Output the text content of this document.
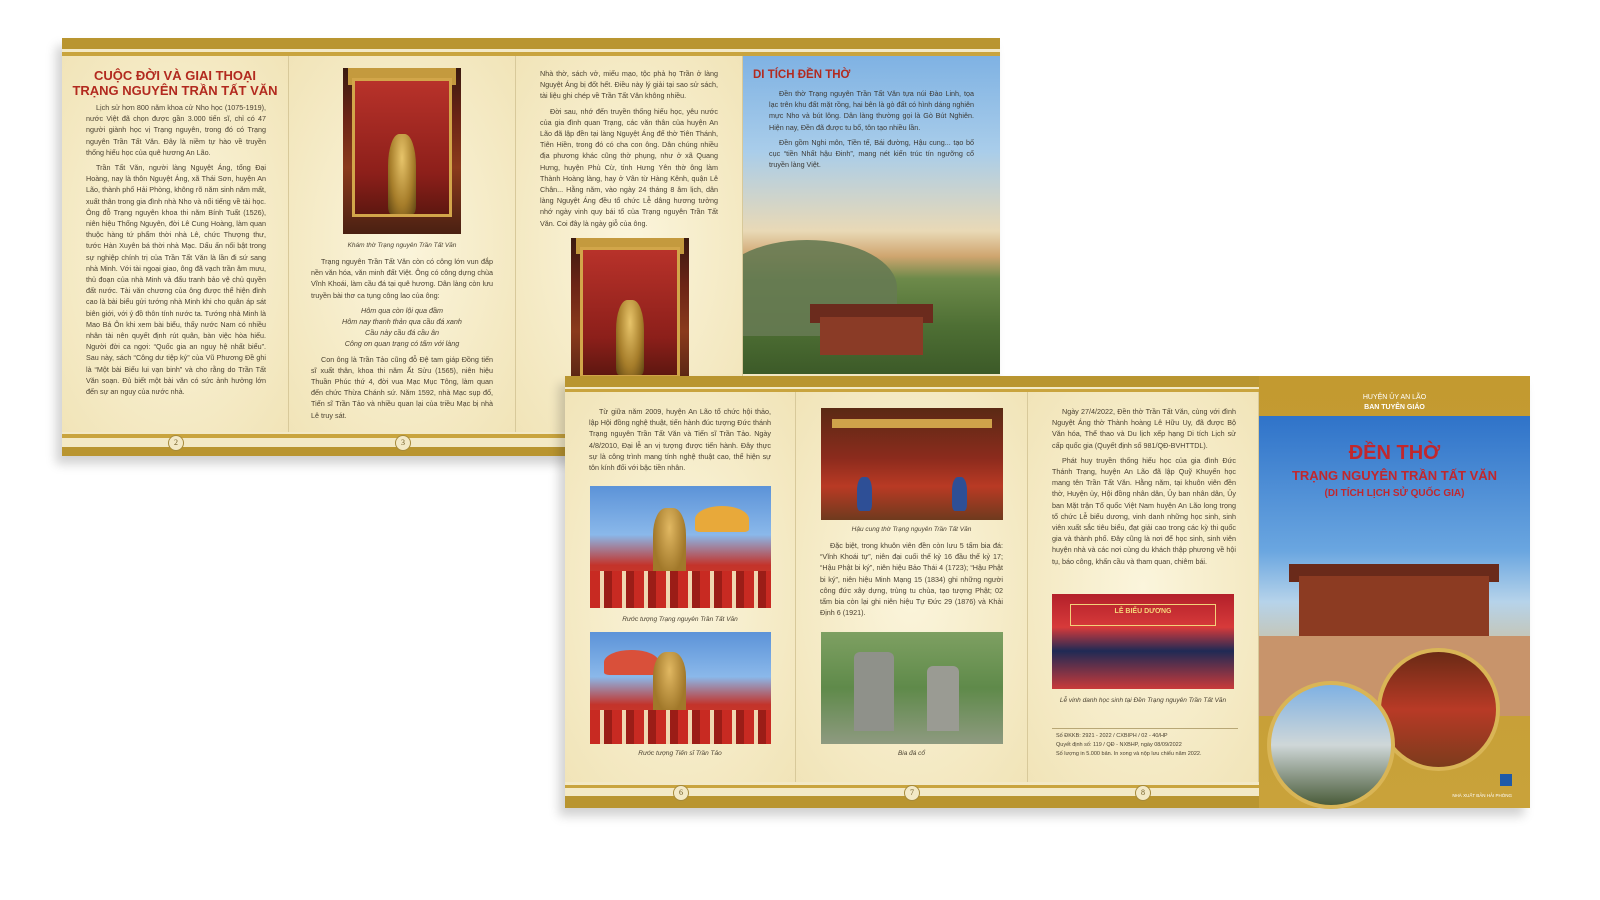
CUỘC ĐỜI VÀ GIAI THOẠI
TRẠNG NGUYÊN TRẦN TẤT VĂN

Lịch sử hơn 800 năm khoa cử Nho học (1075-1919), nước Việt đã chọn được gần 3.000 tiến sĩ, chỉ có 47 người giành học vị Trạng nguyên, trong đó có Trạng nguyên Trần Tất Văn. Đây là niềm tự hào về truyền thống hiếu học của quê hương An Lão.

Trần Tất Văn, người làng Nguyệt Áng, tổng Đại Hoàng, nay là thôn Nguyệt Áng, xã Thái Sơn, huyện An Lão, thành phố Hải Phòng, không rõ năm sinh năm mất, xuất thân trong gia đình nhà Nho và nổi tiếng về tài học. Ông đỗ Trạng nguyên khoa thi năm Bính Tuất (1526), niên hiệu Thống Nguyên, đời Lê Cung Hoàng, làm quan thuộc hàng tứ phẩm thời nhà Lê, chức Thượng thư, tước Hàn Xuyên bá thời nhà Mạc. Dấu ấn nổi bật trong sự nghiệp chính trị của Trần Tất Văn là lần đi sứ sang nhà Minh. Với tài ngoại giao, ông đã vạch trần âm mưu, thủ đoạn của nhà Minh và đấu tranh bảo vệ chủ quyền đất nước. Tài văn chương của ông được thể hiện đỉnh cao là bài biểu gửi tướng nhà Minh khi cho quân áp sát biên giới, với ý đồ thôn tính nước ta. Tướng nhà Minh là Mao Bá Ôn khi xem bài biểu, thấy nước Nam có nhiều nhân tài nên quyết định rút quân, bàn việc hòa hiếu. Người đời ca ngợi: “Quốc gia an nguy hệ nhất biểu”. Sau này, sách “Công dư tiệp ký” của Vũ Phương Đề ghi là “Một bài Biểu lui vạn binh” và cho rằng do Trần Tất Văn soạn. Đủ biết một bài văn có sức ảnh hưởng lớn đến sự an nguy của nước nhà.

Khám thờ Trạng nguyên Trần Tất Văn

Trạng nguyên Trần Tất Văn còn có công lớn vun đắp nền văn hóa, văn minh đất Việt. Ông có công dựng chùa Vĩnh Khoái, làm cầu đá tại quê hương. Dân làng còn lưu truyền bài thơ ca tụng công lao của ông:

Hôm qua còn lội qua đầm

Hôm nay thanh thản qua cầu đá xanh

Cầu này cầu đá cầu ân

Công ơn quan trạng có tấm với làng

Con ông là Trần Tảo cũng đỗ Đệ tam giáp Đồng tiến sĩ xuất thân, khoa thi năm Ất Sửu (1565), niên hiệu Thuần Phúc thứ 4, đời vua Mạc Mục Tông, làm quan đến chức Thừa Chánh sứ. Năm 1592, nhà Mạc sụp đổ, Tiến sĩ Trần Tảo và nhiều quan lại của triều Mạc bị nhà Lê truy sát.

Nhà thờ, sách vở, miếu mạo, tộc phả họ Trần ở làng Nguyệt Áng bị đốt hết. Điều này lý giải tại sao sử sách, tài liệu ghi chép về Trần Tất Văn không nhiều.

Đời sau, nhớ đến truyền thống hiếu học, yêu nước của gia đình quan Trạng, các văn thân của huyện An Lão đã lập đền tại làng Nguyệt Áng để thờ Tiên Thánh, Tiên Hiền, trong đó có cha con ông. Dân chúng nhiều địa phương khác cũng thờ phụng, như ở xã Quang Hưng, huyện Phù Cừ, tỉnh Hưng Yên thờ ông làm Thành Hoàng làng, hay ở Vân từ Hàng Kênh, quận Lê Chân... Hằng năm, vào ngày 24 tháng 8 âm lịch, dân làng Nguyệt Áng đều tổ chức Lễ dâng hương tưởng nhớ ngày vinh quy bái tổ của Trạng nguyên Trần Tất Văn. Coi đây là ngày giỗ của ông.

DI TÍCH ĐỀN THỜ

Đền thờ Trạng nguyên Trần Tất Văn tựa núi Đào Linh, tọa lạc trên khu đất mặt rồng, hai bên là gò đất có hình dáng nghiên mực Nho và bút lông. Dân làng thường gọi là Gò Bút Nghiên. Hiện nay, Đền đã được tu bổ, tôn tạo nhiều lần.

Đền gồm Nghi môn, Tiền tế, Bái đường, Hậu cung... tạo bố cục “tiền Nhất hậu Đinh”, mang nét kiến trúc tín ngưỡng cổ truyền làng Việt.

2	3

Từ giữa năm 2009, huyện An Lão tổ chức hội thảo, lập Hội đồng nghệ thuật, tiến hành đúc tượng Đức thánh Trạng nguyên Trần Tất Văn và Tiến sĩ Trần Tảo. Ngày 4/8/2010, Đại lễ an vị tượng được tiến hành. Đây thực sự là công trình mang tính nghệ thuật cao, thể hiện sự tôn kính đối với bậc tiền nhân.

Rước tượng Trạng nguyên Trần Tất Văn
Rước tượng Tiến sĩ Trần Tảo
Hậu cung thờ Trạng nguyên Trần Tất Văn

Đặc biệt, trong khuôn viên đền còn lưu 5 tấm bia đá: “Vĩnh Khoái tự”, niên đại cuối thế kỷ 16 đầu thế kỷ 17; “Hậu Phật bi ký”, niên hiệu Bảo Thái 4 (1723); “Hậu Phật bi ký”, niên hiệu Minh Mạng 15 (1834) ghi những người công đức xây dựng, trùng tu chùa, tạo tượng Phật; 02 tấm bia còn lại ghi niên hiệu Tự Đức 29 (1876) và Khải Định 6 (1921).

Bia đá cổ

Ngày 27/4/2022, Đền thờ Trần Tất Văn, cùng với đình Nguyệt Áng thờ Thành hoàng Lê Hữu Uy, đã được Bộ Văn hóa, Thể thao và Du lịch xếp hạng Di tích Lịch sử cấp quốc gia (Quyết định số 981/QĐ-BVHTTDL).

Phát huy truyền thống hiếu học của gia đình Đức Thánh Trạng, huyện An Lão đã lập Quỹ Khuyến học mang tên Trần Tất Văn. Hằng năm, tại khuôn viên đền thờ, Huyện ủy, Hội đồng nhân dân, Ủy ban nhân dân, Ủy ban Mặt trận Tổ quốc Việt Nam huyện An Lão long trọng tổ chức Lễ biểu dương, vinh danh những học sinh, sinh viên xuất sắc tiêu biểu, đạt giải cao trong các kỳ thi quốc gia và thành phố. Đây cũng là nơi để học sinh, sinh viên huyện nhà và các nơi cùng du khách thập phương về hội tụ, báo công, khấn cầu và tham quan, chiêm bái.

LỄ BIỂU DƯƠNG
Lễ vinh danh học sinh tại Đền Trạng nguyên Trần Tất Văn
Số ĐKKB: 2921 - 2022 / CXBIPH / 02 - 40/HP
Quyết định số: 119 / QĐ - NXBHP, ngày 08/09/2022
Số lượng in 5.000 bản. In xong và nộp lưu chiểu năm 2022.
6	7	8
HUYỆN ỦY AN LÃO
BAN TUYÊN GIÁO
ĐỀN THỜ
TRẠNG NGUYÊN TRẦN TẤT VĂN
(DI TÍCH LỊCH SỬ QUỐC GIA)
NHÀ XUẤT BẢN HẢI PHÒNG
